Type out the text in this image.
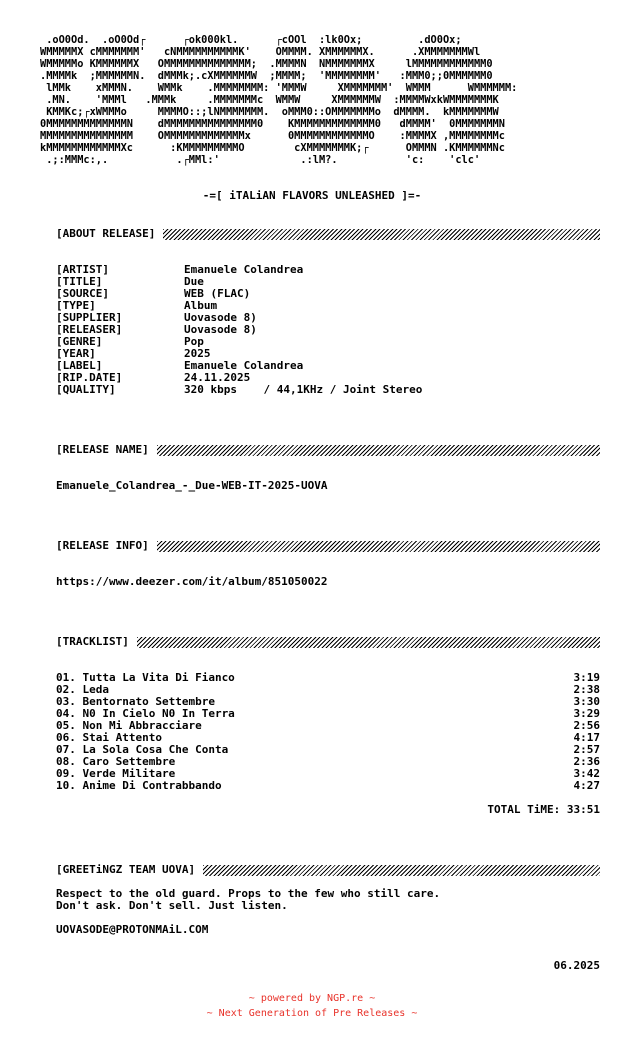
.oO0Od.  .oO0Od┌      ┌ok000kl.      ┌cOOl  :lk0Ox;         .dO0Ox;
WMMMMMX cMMMMMMM'   cNMMMMMMMMMMK'    OMMMM. XMMMMMMX.      .XMMMMMMMWl
WMMMMMo KMMMMMMX   OMMMMMMMMMMMMMM;  .MMMMN  NMMMMMMMX     lMMMMMMMMMMMM0
.MMMMk  ;MMMMMMN.  dMMMk;.cXMMMMMMW  ;MMMM;  'MMMMMMMM'   :MMM0;;0MMMMMM0
lMMk    xMMMN.    WMMk    .MMMMMMMM: 'MMMW     XMMMMMMM'  WMMM      WMMMMMM:
.MN.    'MMMl   .MMMk     .MMMMMMMc  WMMW     XMMMMMMW  :MMMMWxkWMMMMMMMK
KMMKc;┌xWMMMo     MMMMO::;lNMMMMMMM.  oMMM0::OMMMMMMMo  dMMMM.  kMMMMMMMW
0MMMMMMMMMMMMMN    dMMMMMMMMMMMMMMM0    KMMMMMMMMMMMMM0   dMMMM'  0MMMMMMMN
MMMMMMMMMMMMMMM    OMMMMMMMMMMMMMx      0MMMMMMMMMMMMO    :MMMMX ,MMMMMMMMc
kMMMMMMMMMMMMXc      :KMMMMMMMMMO        cXMMMMMMMK;┌      OMMMN .KMMMMMMNc
.;:MMMc:,.           .┌MMl:'             .:lM?.           'c:    'clc'
-=[ iTALiAN FLAVORS UNLEASHED ]=-
[ABOUT RELEASE]
[ARTIST]	Emanuele Colandrea
[TITLE]	Due
[SOURCE]	WEB (FLAC)
[TYPE]	Album
[SUPPLIER]	Uovasode 8)
[RELEASER]	Uovasode 8)
[GENRE]	Pop
[YEAR]	2025
[LABEL]	Emanuele Colandrea
[RIP.DATE]	24.11.2025
[QUALITY]	320 kbps    / 44,1KHz / Joint Stereo
[RELEASE NAME]
Emanuele_Colandrea_-_Due-WEB-IT-2025-UOVA
[RELEASE INFO]
https://www.deezer.com/it/album/851050022
[TRACKLIST]
01. Tutta La Vita Di Fianco	3:19
02. Leda	2:38
03. Bentornato Settembre	3:30
04. N0 In Cielo N0 In Terra	3:29
05. Non Mi Abbracciare	2:56
06. Stai Attento	4:17
07. La Sola Cosa Che Conta	2:57
08. Caro Settembre	2:36
09. Verde Militare	3:42
10. Anime Di Contrabbando	4:27
TOTAL TiME: 33:51
[GREETiNGZ TEAM UOVA]
Respect to the old guard. Props to the few who still care.
Don't ask. Don't sell. Just listen.
UOVASODE@PROTONMAiL.COM
06.2025
~ powered by NGP.re ~
~ Next Generation of Pre Releases ~
